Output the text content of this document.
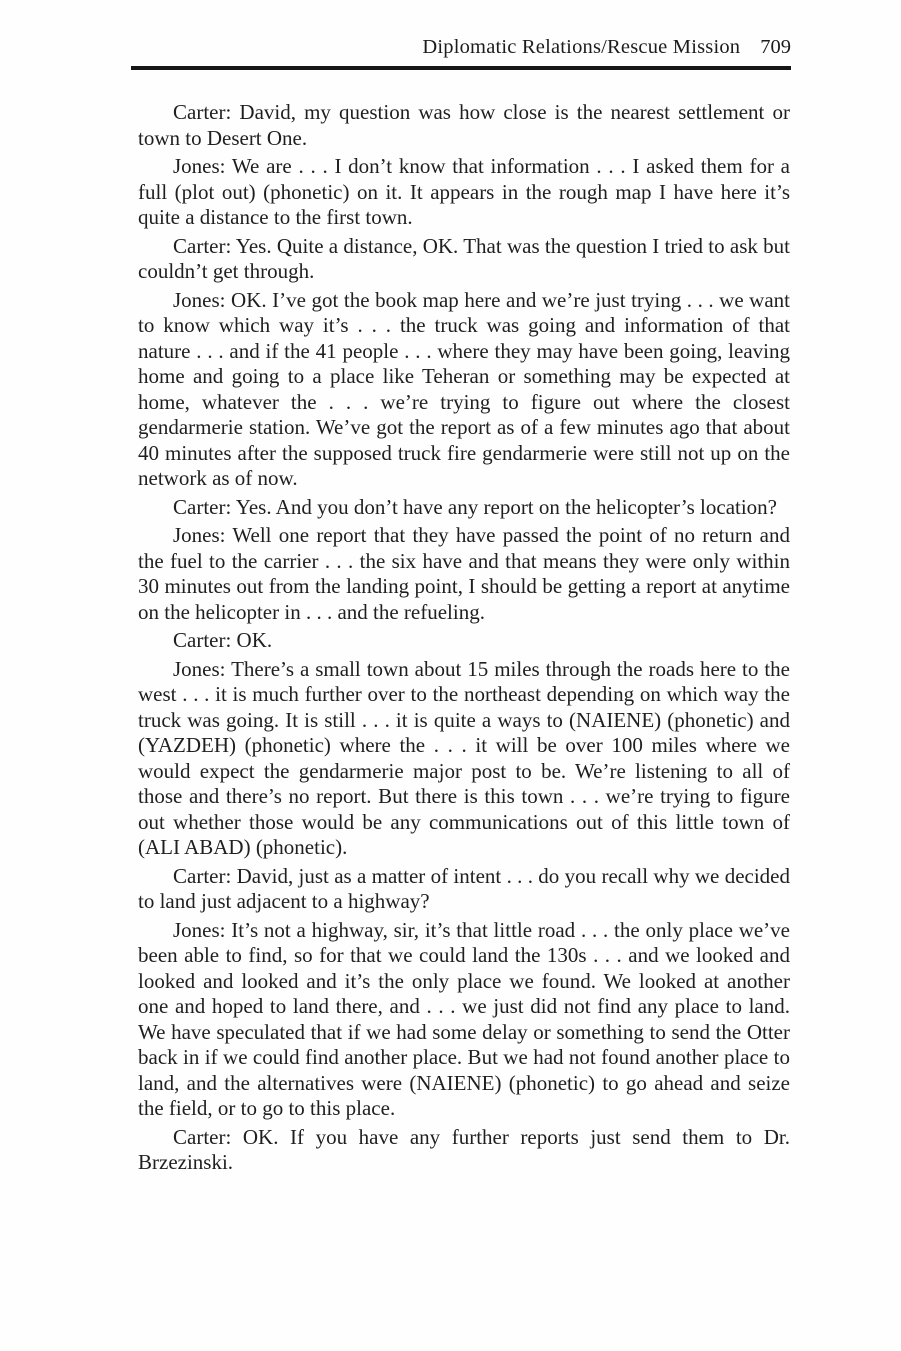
Diplomatic Relations/Rescue Mission 709

Carter: David, my question was how close is the nearest settlement or town to Desert One.

Jones: We are . . . I don’t know that information . . . I asked them for a full (plot out) (phonetic) on it. It appears in the rough map I have here it’s quite a distance to the first town.

Carter: Yes. Quite a distance, OK. That was the question I tried to ask but couldn’t get through.

Jones: OK. I’ve got the book map here and we’re just trying . . . we want to know which way it’s . . . the truck was going and information of that nature . . . and if the 41 people . . . where they may have been going, leaving home and going to a place like Teheran or something may be expected at home, whatever the . . . we’re trying to figure out where the closest gendarmerie station. We’ve got the report as of a few minutes ago that about 40 minutes after the supposed truck fire gendarmerie were still not up on the network as of now.

Carter: Yes. And you don’t have any report on the helicopter’s location?

Jones: Well one report that they have passed the point of no return and the fuel to the carrier . . . the six have and that means they were only within 30 minutes out from the landing point, I should be getting a report at anytime on the helicopter in . . . and the refueling.

Carter: OK.

Jones: There’s a small town about 15 miles through the roads here to the west . . . it is much further over to the northeast depending on which way the truck was going. It is still . . . it is quite a ways to (NAIENE) (phonetic) and (YAZDEH) (phonetic) where the . . . it will be over 100 miles where we would expect the gendarmerie major post to be. We’re listening to all of those and there’s no report. But there is this town . . . we’re trying to figure out whether those would be any communications out of this little town of (ALI ABAD) (phonetic).

Carter: David, just as a matter of intent . . . do you recall why we decided to land just adjacent to a highway?

Jones: It’s not a highway, sir, it’s that little road . . . the only place we’ve been able to find, so for that we could land the 130s . . . and we looked and looked and looked and it’s the only place we found. We looked at another one and hoped to land there, and . . . we just did not find any place to land. We have speculated that if we had some delay or something to send the Otter back in if we could find another place. But we had not found another place to land, and the alternatives were (NAIENE) (phonetic) to go ahead and seize the field, or to go to this place.

Carter: OK. If you have any further reports just send them to Dr. Brzezinski.
